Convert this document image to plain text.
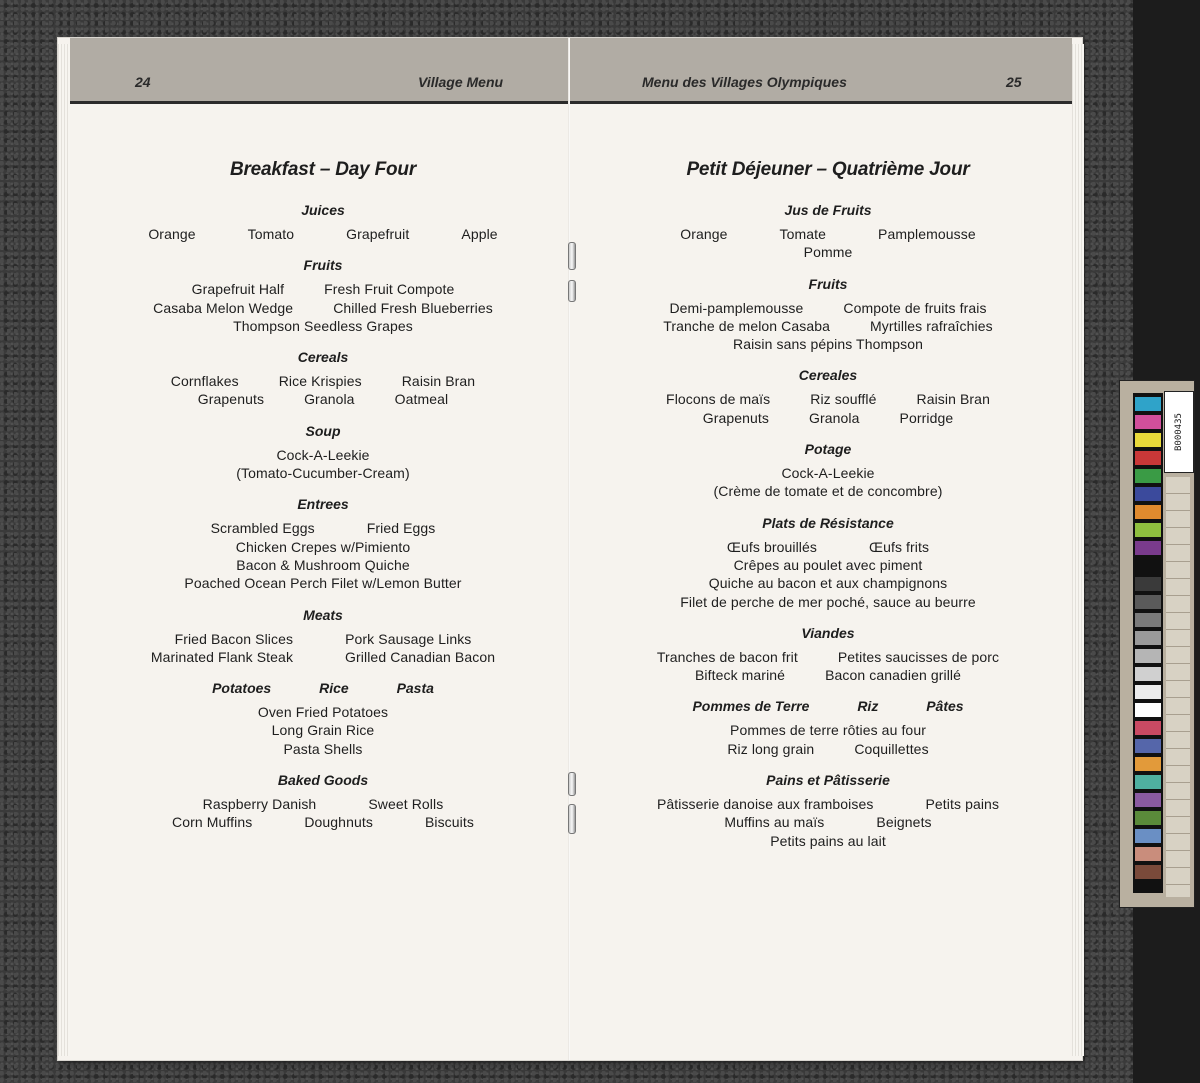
24	Village Menu	Menu des Villages Olympiques	25
Breakfast – Day Four
Juices
Orange	Tomato	Grapefruit	Apple
Fruits
Grapefruit Half	Fresh Fruit Compote
Casaba Melon Wedge	Chilled Fresh Blueberries
Thompson Seedless Grapes
Cereals
Cornflakes	Rice Krispies	Raisin Bran
Grapenuts	Granola	Oatmeal
Soup
Cock-A-Leekie
(Tomato-Cucumber-Cream)
Entrees
Scrambled Eggs	Fried Eggs
Chicken Crepes w/Pimiento
Bacon & Mushroom Quiche
Poached Ocean Perch Filet w/Lemon Butter
Meats
Fried Bacon Slices	Pork Sausage Links
Marinated Flank Steak	Grilled Canadian Bacon
Potatoes	Rice	Pasta
Oven Fried Potatoes
Long Grain Rice
Pasta Shells
Baked Goods
Raspberry Danish	Sweet Rolls
Corn Muffins	Doughnuts	Biscuits
Petit Déjeuner – Quatrième Jour
Jus de Fruits
Orange	Tomate	Pamplemousse
Pomme
Fruits
Demi-pamplemousse	Compote de fruits frais
Tranche de melon Casaba	Myrtilles rafraîchies
Raisin sans pépins Thompson
Cereales
Flocons de maïs	Riz soufflé	Raisin Bran
Grapenuts	Granola	Porridge
Potage
Cock-A-Leekie
(Crème de tomate et de concombre)
Plats de Résistance
Œufs brouillés	Œufs frits
Crêpes au poulet avec piment
Quiche au bacon et aux champignons
Filet de perche de mer poché, sauce au beurre
Viandes
Tranches de bacon frit	Petites saucisses de porc
Bifteck mariné	Bacon canadien grillé
Pommes de Terre	Riz	Pâtes
Pommes de terre rôties au four
Riz long grain	Coquillettes
Pains et Pâtisserie
Pâtisserie danoise aux framboises	Petits pains
Muffins au maïs	Beignets
Petits pains au lait
B000435
